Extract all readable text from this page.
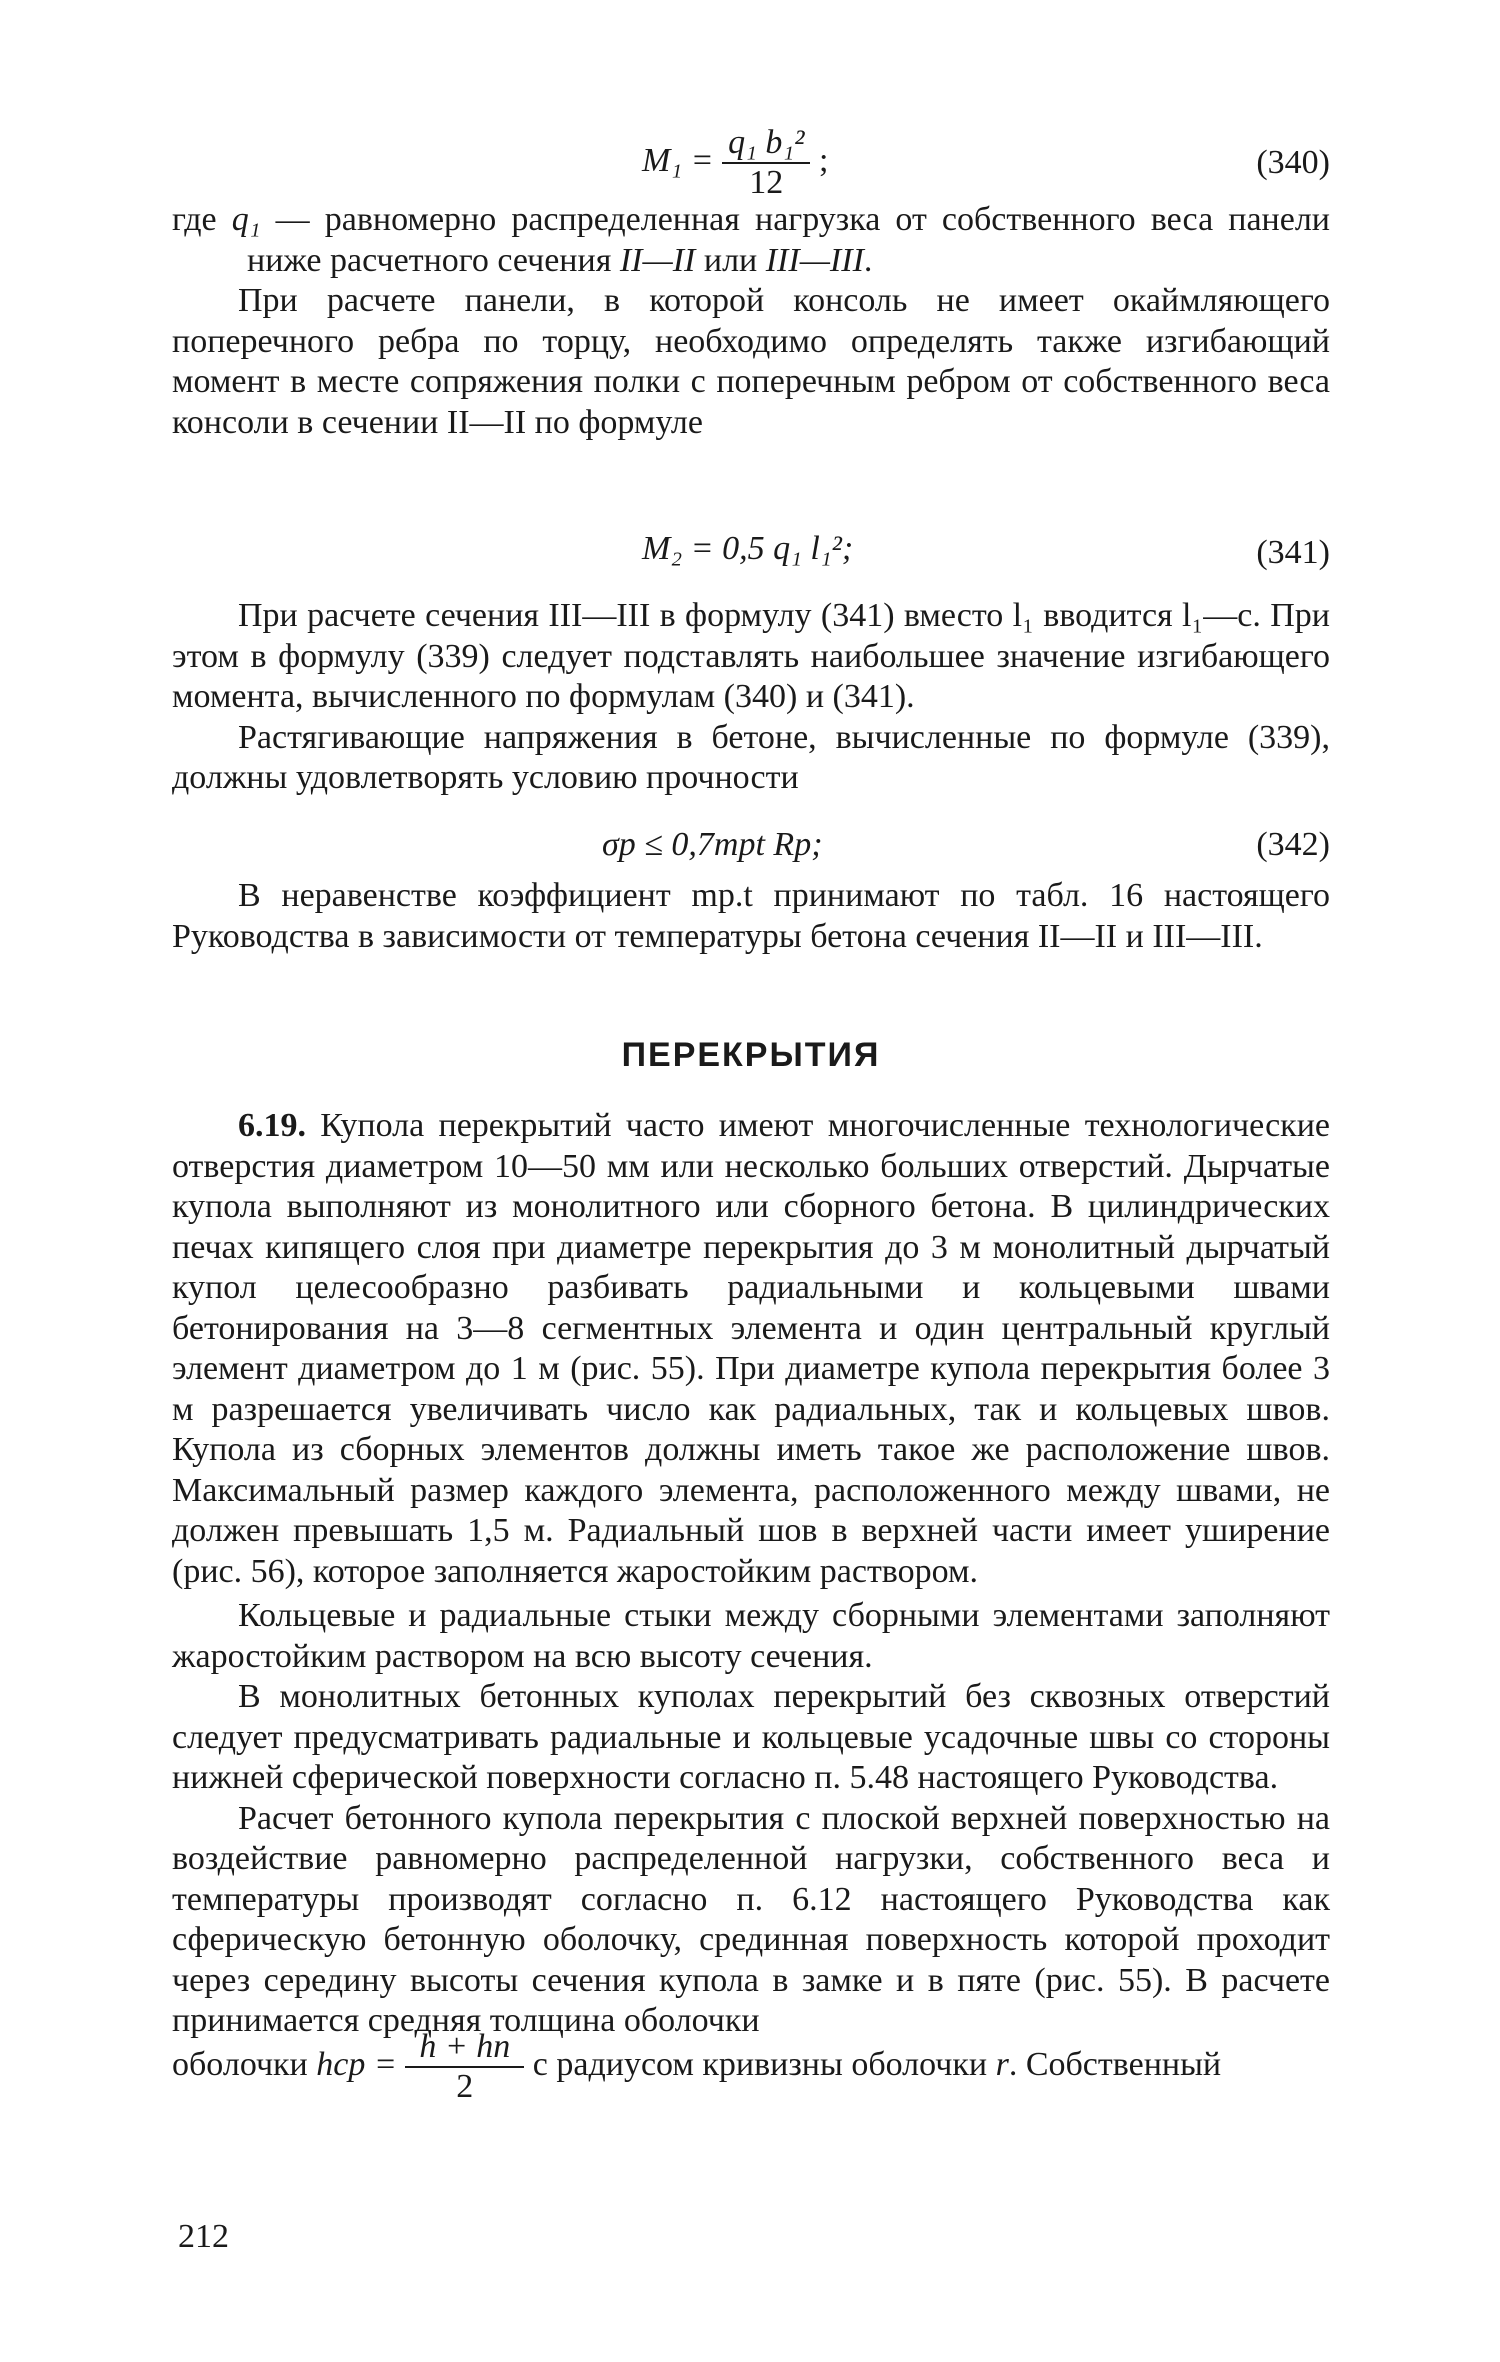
$M_1 = \frac{\text{q₁ b₁²}}{12}$ ;	(340)

где q₁ — равномерно распределенная нагрузка от собственного веса панели ниже расчетного сечения II—II или III—III.

При расчете панели, в которой консоль не имеет окаймляющего поперечного ребра по торцу, необходимо определять также изгибающий момент в месте сопряжения полки с поперечным ребром от собственного веса консоли в сечении II—II по формуле

M₂ = 0,5 q₁ l₁²;	(341)

При расчете сечения III—III в формулу (341) вместо l₁ вводится l₁—c. При этом в формулу (339) следует подставлять наибольшее значение изгибающего момента, вычисленного по формулам (340) и (341).

Растягивающие напряжения в бетоне, вычисленные по формуле (339), должны удовлетворять условию прочности

σp ≤ 0,7mpt Rp;	(342)

В неравенстве коэффициент mp.t принимают по табл. 16 настоящего Руководства в зависимости от температуры бетона сечения II—II и III—III.

ПЕРЕКРЫТИЯ

6.19. Купола перекрытий часто имеют многочисленные технологические отверстия диаметром 10—50 мм или несколько больших отверстий. Дырчатые купола выполняют из монолитного или сборного бетона. В цилиндрических печах кипящего слоя при диаметре перекрытия до 3 м монолитный дырчатый купол целесообразно разбивать радиальными и кольцевыми швами бетонирования на 3—8 сегментных элемента и один центральный круглый элемент диаметром до 1 м (рис. 55). При диаметре купола перекрытия более 3 м разрешается увеличивать число как радиальных, так и кольцевых швов. Купола из сборных элементов должны иметь такое же расположение швов. Максимальный размер каждого элемента, расположенного между швами, не должен превышать 1,5 м. Радиальный шов в верхней части имеет уширение (рис. 56), которое заполняется жаростойким раствором.

Кольцевые и радиальные стыки между сборными элементами заполняют жаростойким раствором на всю высоту сечения.

В монолитных бетонных куполах перекрытий без сквозных отверстий следует предусматривать радиальные и кольцевые усадочные швы со стороны нижней сферической поверхности согласно п. 5.48 настоящего Руководства.

Расчет бетонного купола перекрытия с плоской верхней поверхностью на воздействие равномерно распределенной нагрузки, собственного веса и температуры производят согласно п. 6.12 настоящего Руководства как сферическую бетонную оболочку, срединная поверхность которой проходит через середину высоты сечения купола в замке и в пяте (рис. 55). В расчете принимается средняя толщина оболочки

оболочки hср = $\frac{h + hп}{2}$ с радиусом кривизны оболочки r. Собственный
212
